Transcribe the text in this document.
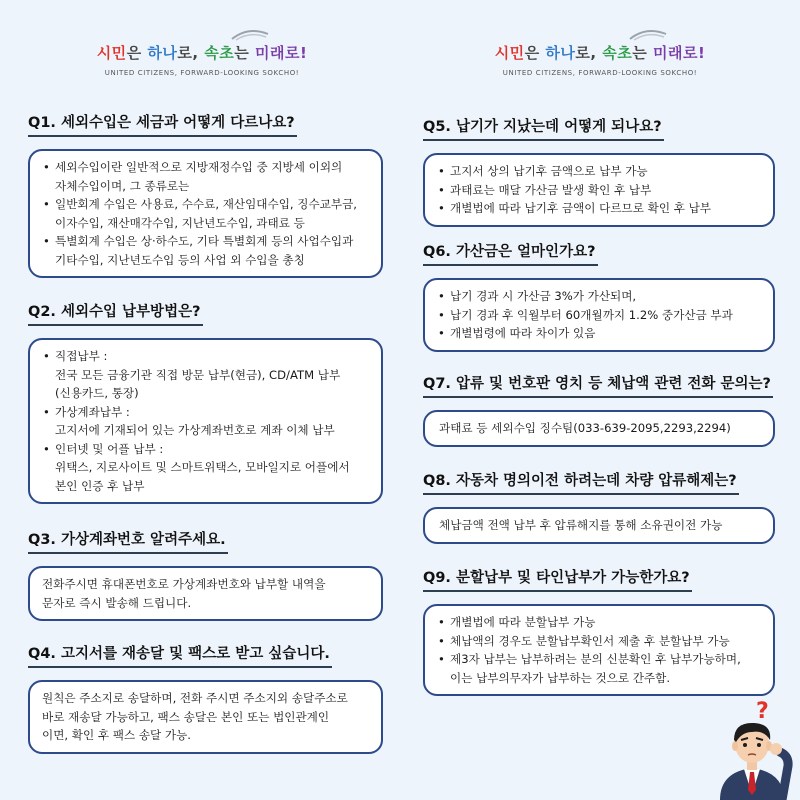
시민은 하나로, 속초는 미래로!
UNITED CITIZENS, FORWARD-LOOKING SOKCHO!
시민은 하나로, 속초는 미래로!
UNITED CITIZENS, FORWARD-LOOKING SOKCHO!
Q1. 세외수입은 세금과 어떻게 다르나요?
• 세외수입이란 일반적으로 지방재정수입 중 지방세 이외의
자체수입이며, 그 종류로는
• 일반회계 수입은 사용료, 수수료, 재산임대수입, 징수교부금,
이자수입, 재산매각수입, 지난년도수입, 과태료 등
• 특별회계 수입은 상·하수도, 기타 특별회계 등의 사업수입과
기타수입, 지난년도수입 등의 사업 외 수입을 총칭
Q2. 세외수입 납부방법은?
• 직접납부 :
전국 모든 금융기관 직접 방문 납부(현금), CD/ATM 납부
(신용카드, 통장)
• 가상계좌납부 :
고지서에 기재되어 있는 가상계좌번호로 계좌 이체 납부
• 인터넷 및 어플 납부 :
위택스, 지로사이트 및 스마트위택스, 모바일지로 어플에서
본인 인증 후 납부
Q3. 가상계좌번호 알려주세요.
전화주시면 휴대폰번호로 가상계좌번호와 납부할 내역을
문자로 즉시 발송해 드립니다.
Q4. 고지서를 재송달 및 팩스로 받고 싶습니다.
원칙은 주소지로 송달하며, 전화 주시면 주소지외 송달주소로
바로 재송달 가능하고, 팩스 송달은 본인 또는 법인관계인
이면, 확인 후 팩스 송달 가능.
Q5. 납기가 지났는데 어떻게 되나요?
• 고지서 상의 납기후 금액으로 납부 가능
• 과태료는 매달 가산금 발생 확인 후 납부
• 개별법에 따라 납기후 금액이 다르므로 확인 후 납부
Q6. 가산금은 얼마인가요?
• 납기 경과 시 가산금 3%가 가산되며,
• 납기 경과 후 익월부터 60개월까지 1.2% 중가산금 부과
• 개별법령에 따라 차이가 있음
Q7. 압류 및 번호판 영치 등 체납액 관련 전화 문의는?
과태료 등 세외수입 징수팀(033-639-2095,2293,2294)
Q8. 자동차 명의이전 하려는데 차량 압류해제는?
체납금액 전액 납부 후 압류해지를 통해 소유권이전 가능
Q9. 분할납부 및 타인납부가 가능한가요?
• 개별법에 따라 분할납부 가능
• 체납액의 경우도 분할납부확인서 제출 후 분할납부 가능
• 제3자 납부는 납부하려는 분의 신분확인 후 납부가능하며,
이는 납부의무자가 납부하는 것으로 간주함.
?
